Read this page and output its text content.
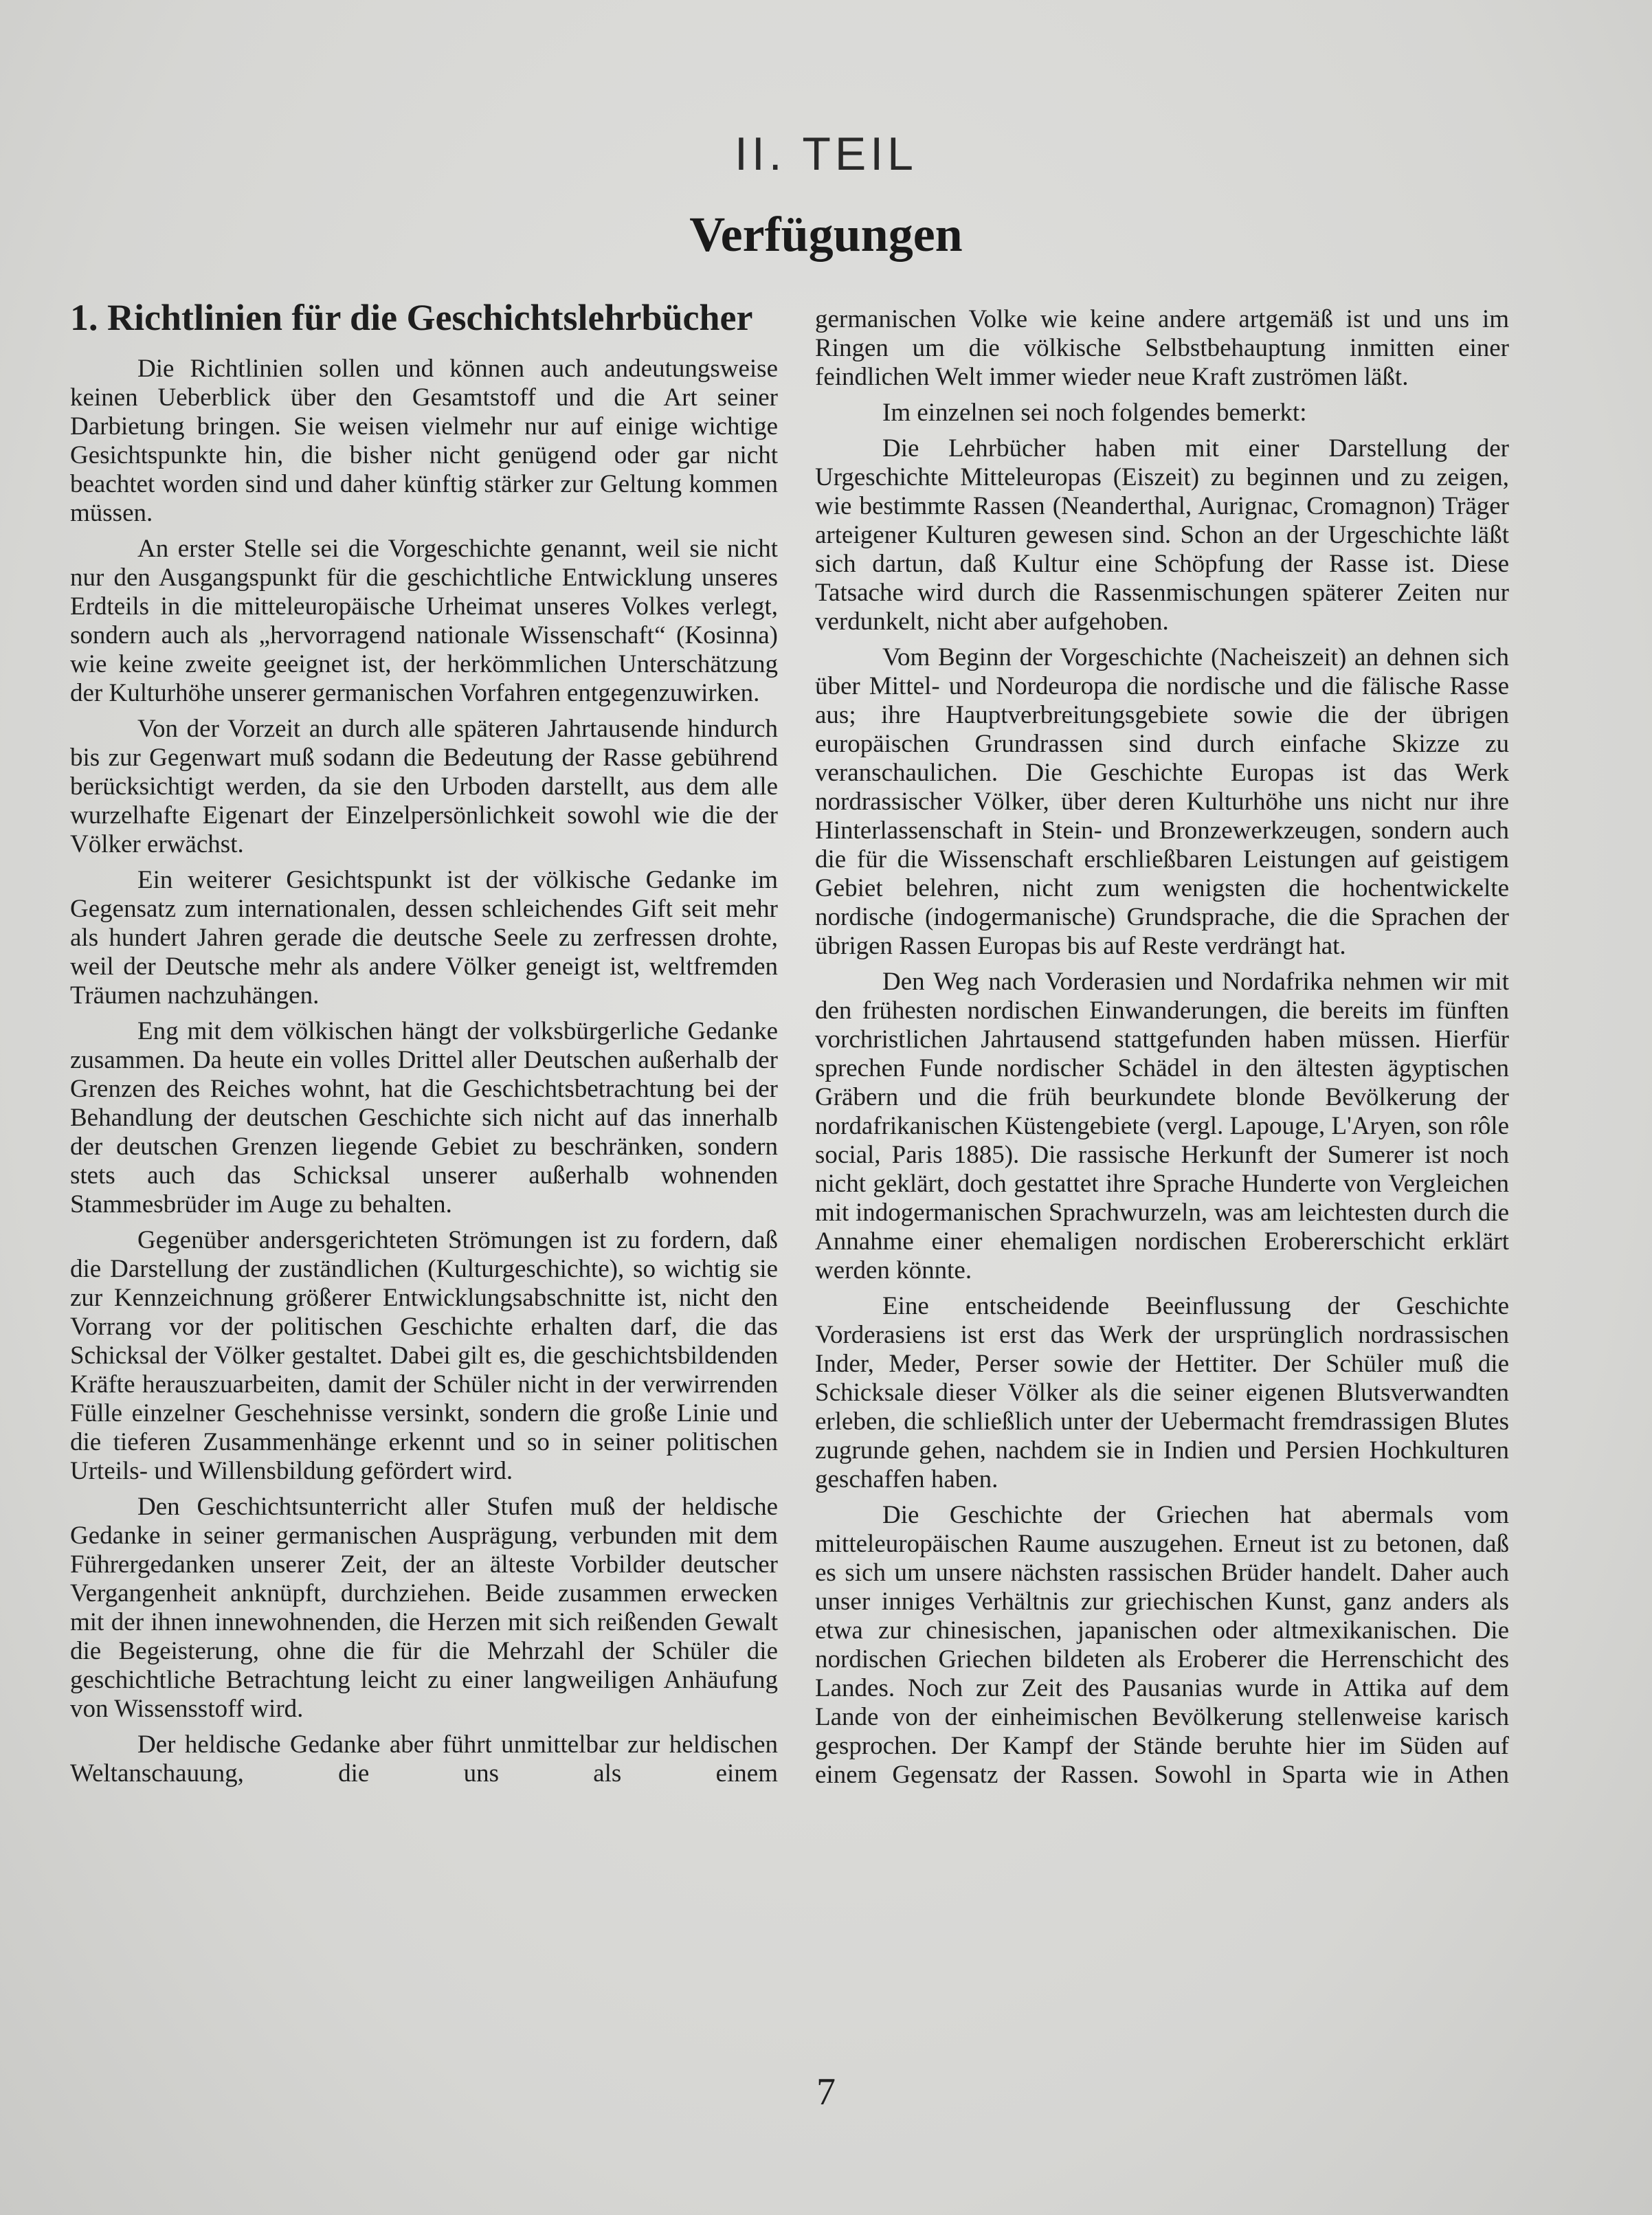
II. TEIL
Verfügungen
1. Richtlinien für die Geschichtslehrbücher

Die Richtlinien sollen und können auch andeutungsweise keinen Ueberblick über den Gesamtstoff und die Art seiner Darbietung bringen. Sie weisen vielmehr nur auf einige wichtige Gesichtspunkte hin, die bisher nicht genügend oder gar nicht beachtet worden sind und daher künftig stärker zur Geltung kommen müssen.

An erster Stelle sei die Vorgeschichte genannt, weil sie nicht nur den Ausgangspunkt für die geschichtliche Entwicklung unseres Erdteils in die mitteleuropäische Urheimat unseres Volkes verlegt, sondern auch als „hervorragend nationale Wissenschaft“ (Kosinna) wie keine zweite geeignet ist, der herkömmlichen Unterschätzung der Kulturhöhe unserer germanischen Vorfahren entgegenzuwirken.

Von der Vorzeit an durch alle späteren Jahrtausende hindurch bis zur Gegenwart muß sodann die Bedeutung der Rasse gebührend berücksichtigt werden, da sie den Urboden darstellt, aus dem alle wurzelhafte Eigenart der Einzelpersönlichkeit sowohl wie die der Völker erwächst.

Ein weiterer Gesichtspunkt ist der völkische Gedanke im Gegensatz zum internationalen, dessen schleichendes Gift seit mehr als hundert Jahren gerade die deutsche Seele zu zerfressen drohte, weil der Deutsche mehr als andere Völker geneigt ist, weltfremden Träumen nachzuhängen.

Eng mit dem völkischen hängt der volksbürgerliche Gedanke zusammen. Da heute ein volles Drittel aller Deutschen außerhalb der Grenzen des Reiches wohnt, hat die Geschichtsbetrachtung bei der Behandlung der deutschen Geschichte sich nicht auf das innerhalb der deutschen Grenzen liegende Gebiet zu beschränken, sondern stets auch das Schicksal unserer außerhalb wohnenden Stammesbrüder im Auge zu behalten.

Gegenüber andersgerichteten Strömungen ist zu fordern, daß die Darstellung der zuständlichen (Kulturgeschichte), so wichtig sie zur Kennzeichnung größerer Entwicklungsabschnitte ist, nicht den Vorrang vor der politischen Geschichte erhalten darf, die das Schicksal der Völker gestaltet. Dabei gilt es, die geschichtsbildenden Kräfte herauszuarbeiten, damit der Schüler nicht in der verwirrenden Fülle einzelner Geschehnisse versinkt, sondern die große Linie und die tieferen Zusammenhänge erkennt und so in seiner politischen Urteils- und Willensbildung gefördert wird.

Den Geschichtsunterricht aller Stufen muß der heldische Gedanke in seiner germanischen Ausprägung, verbunden mit dem Führergedanken unserer Zeit, der an älteste Vorbilder deutscher Vergangenheit anknüpft, durchziehen. Beide zusammen erwecken mit der ihnen innewohnenden, die Herzen mit sich reißenden Gewalt die Begeisterung, ohne die für die Mehrzahl der Schüler die geschichtliche Betrachtung leicht zu einer langweiligen Anhäufung von Wissensstoff wird.

Der heldische Gedanke aber führt unmittelbar zur heldischen Weltanschauung, die uns als einem

germanischen Volke wie keine andere artgemäß ist und uns im Ringen um die völkische Selbstbehauptung inmitten einer feindlichen Welt immer wieder neue Kraft zuströmen läßt.

Im einzelnen sei noch folgendes bemerkt:

Die Lehrbücher haben mit einer Darstellung der Urgeschichte Mitteleuropas (Eiszeit) zu beginnen und zu zeigen, wie bestimmte Rassen (Neanderthal, Aurignac, Cromagnon) Träger arteigener Kulturen gewesen sind. Schon an der Urgeschichte läßt sich dartun, daß Kultur eine Schöpfung der Rasse ist. Diese Tatsache wird durch die Rassenmischungen späterer Zeiten nur verdunkelt, nicht aber aufgehoben.

Vom Beginn der Vorgeschichte (Nacheiszeit) an dehnen sich über Mittel- und Nordeuropa die nordische und die fälische Rasse aus; ihre Hauptverbreitungsgebiete sowie die der übrigen europäischen Grundrassen sind durch einfache Skizze zu veranschaulichen. Die Geschichte Europas ist das Werk nordrassischer Völker, über deren Kulturhöhe uns nicht nur ihre Hinterlassenschaft in Stein- und Bronzewerkzeugen, sondern auch die für die Wissenschaft erschließbaren Leistungen auf geistigem Gebiet belehren, nicht zum wenigsten die hochentwickelte nordische (indogermanische) Grundsprache, die die Sprachen der übrigen Rassen Europas bis auf Reste verdrängt hat.

Den Weg nach Vorderasien und Nordafrika nehmen wir mit den frühesten nordischen Einwanderungen, die bereits im fünften vorchristlichen Jahrtausend stattgefunden haben müssen. Hierfür sprechen Funde nordischer Schädel in den ältesten ägyptischen Gräbern und die früh beurkundete blonde Bevölkerung der nordafrikanischen Küstengebiete (vergl. Lapouge, L'Aryen, son rôle social, Paris 1885). Die rassische Herkunft der Sumerer ist noch nicht geklärt, doch gestattet ihre Sprache Hunderte von Vergleichen mit indogermanischen Sprachwurzeln, was am leichtesten durch die Annahme einer ehemaligen nordischen Erobererschicht erklärt werden könnte.

Eine entscheidende Beeinflussung der Geschichte Vorderasiens ist erst das Werk der ursprünglich nordrassischen Inder, Meder, Perser sowie der Hettiter. Der Schüler muß die Schicksale dieser Völker als die seiner eigenen Blutsverwandten erleben, die schließlich unter der Uebermacht fremdrassigen Blutes zugrunde gehen, nachdem sie in Indien und Persien Hochkulturen geschaffen haben.

Die Geschichte der Griechen hat abermals vom mitteleuropäischen Raume auszugehen. Erneut ist zu betonen, daß es sich um unsere nächsten rassischen Brüder handelt. Daher auch unser inniges Verhältnis zur griechischen Kunst, ganz anders als etwa zur chinesischen, japanischen oder altmexikanischen. Die nordischen Griechen bildeten als Eroberer die Herrenschicht des Landes. Noch zur Zeit des Pausanias wurde in Attika auf dem Lande von der einheimischen Bevölkerung stellenweise karisch gesprochen. Der Kampf der Stände beruhte hier im Süden auf einem Gegensatz der Rassen. Sowohl in Sparta wie in Athen

7
